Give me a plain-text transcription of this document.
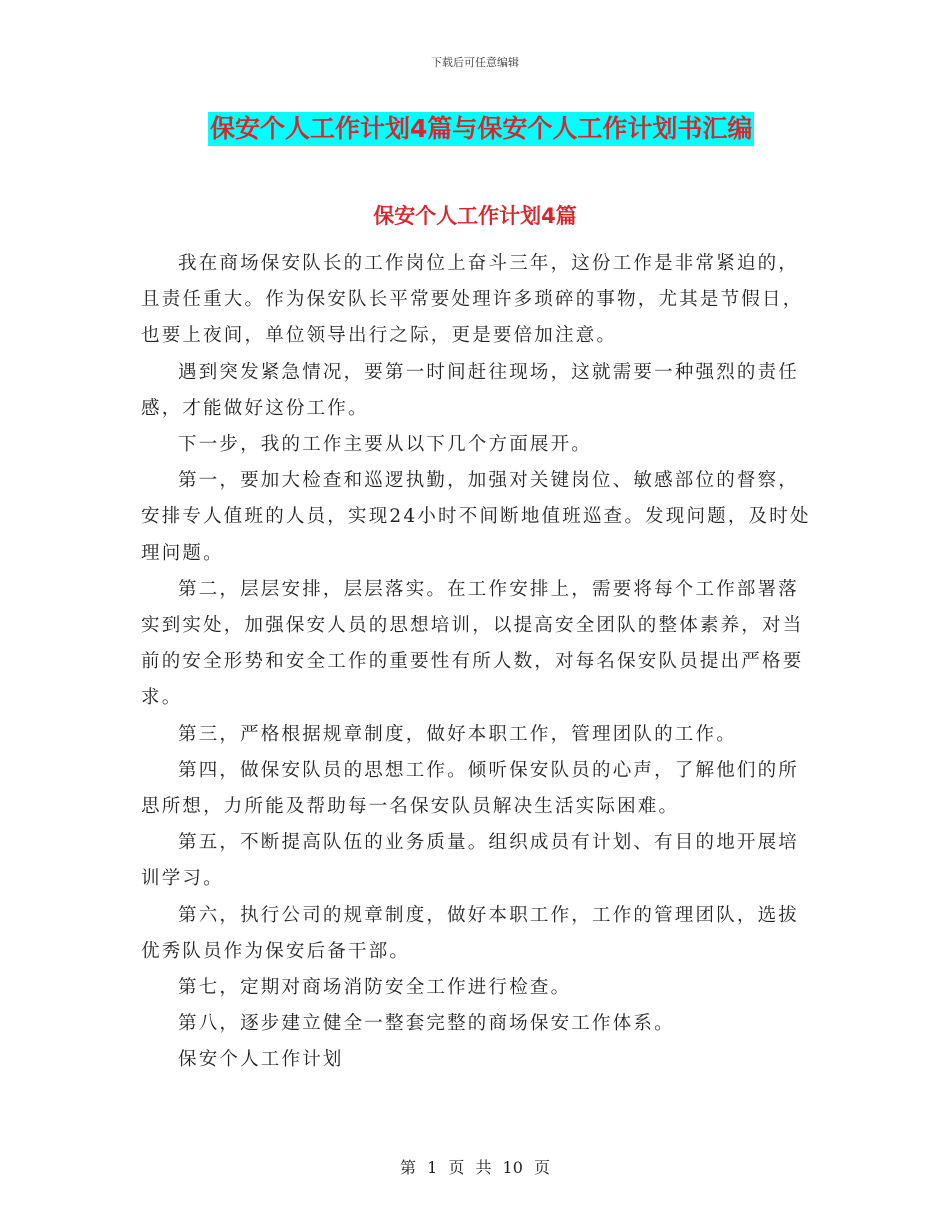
下载后可任意编辑
保安个人工作计划4篇与保安个人工作计划书汇编
保安个人工作计划4篇

我在商场保安队长的工作岗位上奋斗三年，这份工作是非常紧迫的，且责任重大。作为保安队长平常要处理许多琐碎的事物，尤其是节假日，也要上夜间，单位领导出行之际，更是要倍加注意。

遇到突发紧急情况，要第一时间赶往现场，这就需要一种强烈的责任感，才能做好这份工作。

下一步，我的工作主要从以下几个方面展开。

第一，要加大检查和巡逻执勤，加强对关键岗位、敏感部位的督察，安排专人值班的人员，实现24小时不间断地值班巡查。发现问题，及时处理问题。

第二，层层安排，层层落实。在工作安排上，需要将每个工作部署落实到实处，加强保安人员的思想培训，以提高安全团队的整体素养，对当前的安全形势和安全工作的重要性有所人数，对每名保安队员提出严格要求。

第三，严格根据规章制度，做好本职工作，管理团队的工作。

第四，做保安队员的思想工作。倾听保安队员的心声，了解他们的所思所想，力所能及帮助每一名保安队员解决生活实际困难。

第五，不断提高队伍的业务质量。组织成员有计划、有目的地开展培训学习。

第六，执行公司的规章制度，做好本职工作，工作的管理团队，选拔优秀队员作为保安后备干部。

第七，定期对商场消防安全工作进行检查。

第八，逐步建立健全一整套完整的商场保安工作体系。

保安个人工作计划

第 1 页 共 10 页
